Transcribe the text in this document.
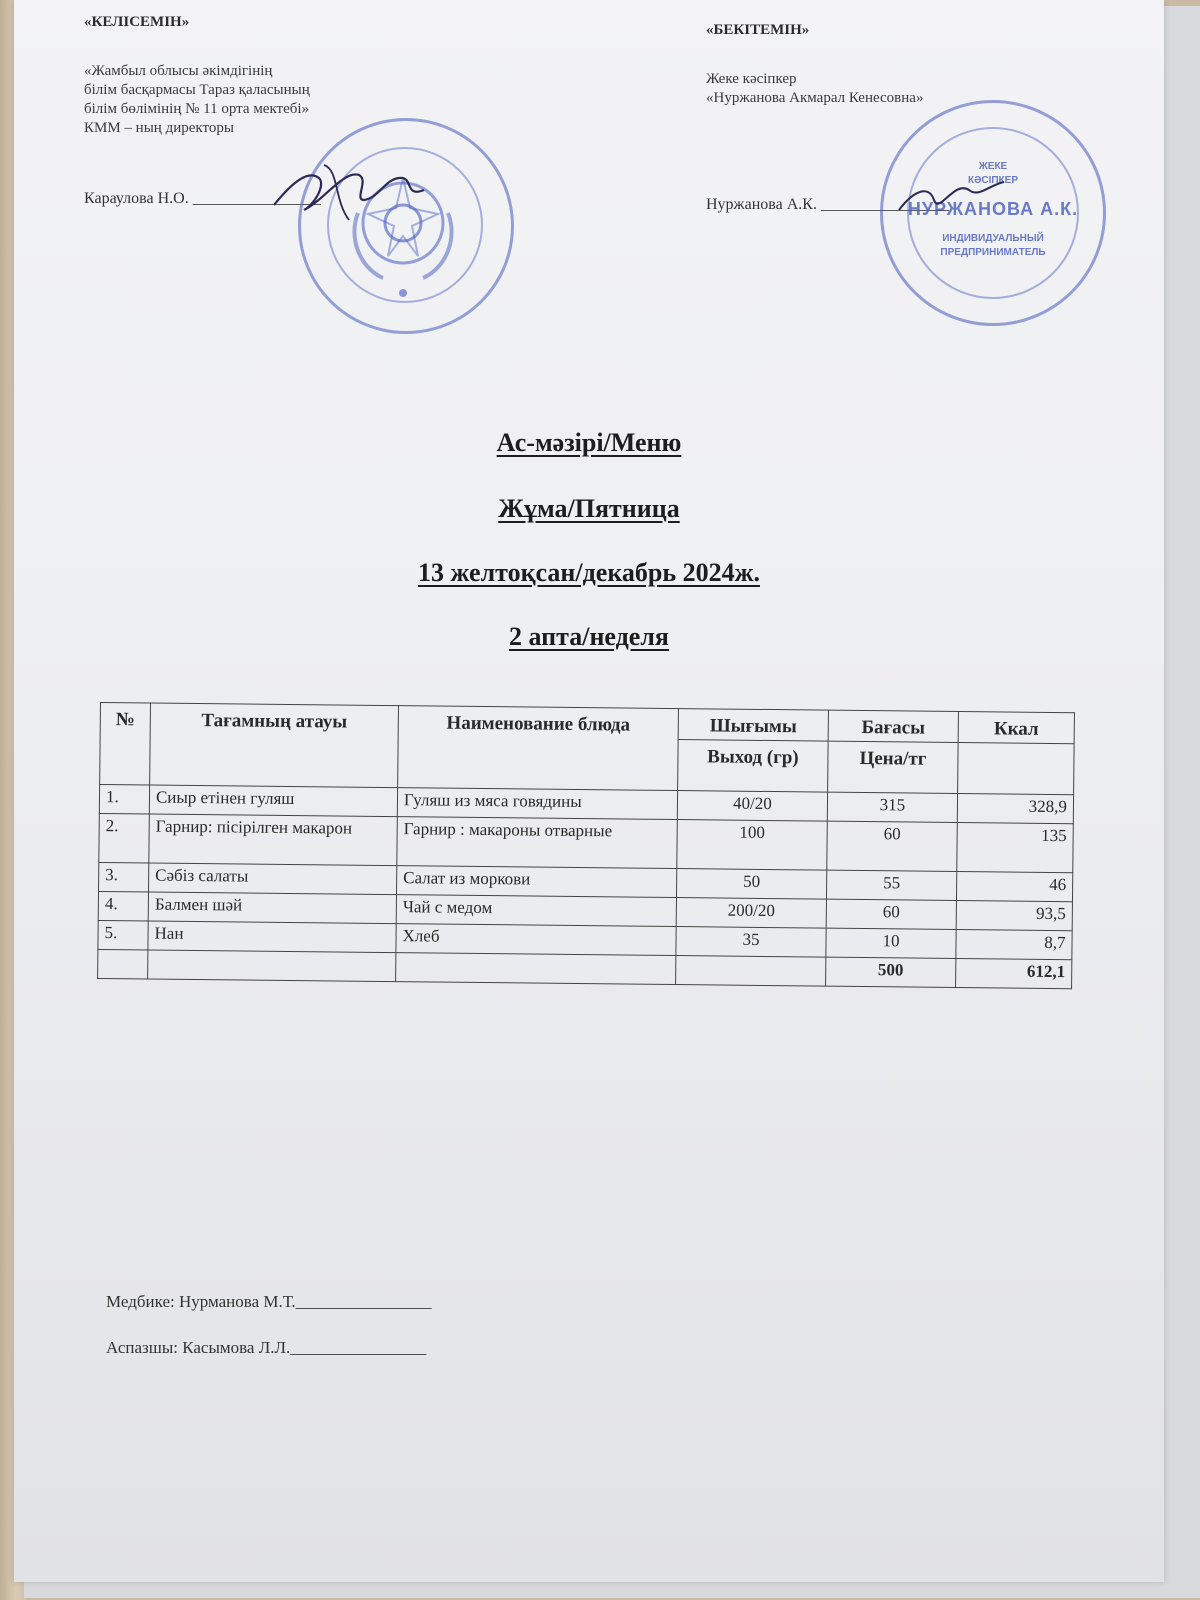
«КЕЛІСЕМІН»
«Жамбыл облысы әкімдігінің
білім басқармасы Тараз қаласының
білім бөлімінің № 11 орта мектебі»
КММ – ның директоры
Караулова Н.О. ________________
«БЕКІТЕМІН»
Жеке кәсіпкер
«Нуржанова Акмарал Кенесовна»
Нуржанова А.К. ________________
ЖЕКЕ
КӘСІПКЕР
НУРЖАНОВА А.К.
ИНДИВИДУАЛЬНЫЙ
ПРЕДПРИНИМАТЕЛЬ
Ас-мәзірі/Меню
Жұма/Пятница
13 желтоқсан/декабрь 2024ж.
2 апта/неделя
№	Тағамның атауы	Наименование блюда	Шығымы	Бағасы	Ккал
			Выход (гр)	Цена/тг	
1.	Сиыр етінен гуляш	Гуляш из мяса говядины	40/20	315	328,9
2.	Гарнир: пісірілген макарон	Гарнир : макароны отварные	100	60	135
3.	Сәбіз салаты	Салат из моркови	50	55	46
4.	Балмен шәй	Чай с медом	200/20	60	93,5
5.	Нан	Хлеб	35	10	8,7
				500	612,1
Медбике: Нурманова М.Т.________________
Аспазшы: Касымова Л.Л.________________
